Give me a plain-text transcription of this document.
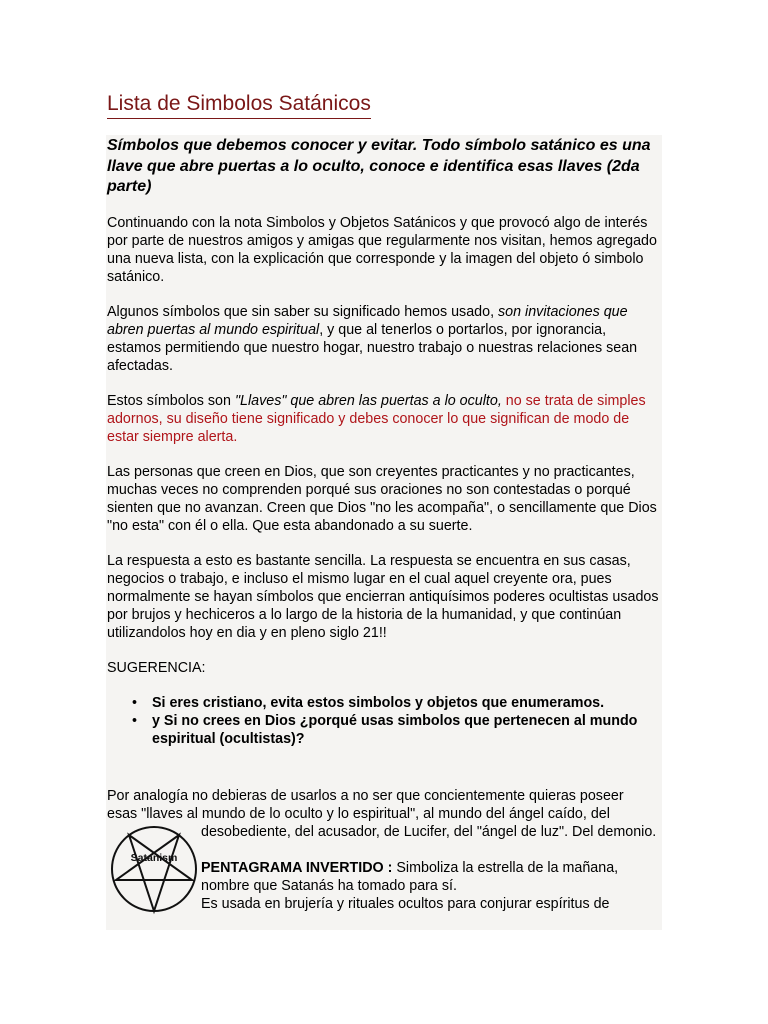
Lista de Simbolos Satánicos

Símbolos que debemos conocer y evitar. Todo símbolo satánico es una llave que abre puertas a lo oculto, conoce e identifica esas llaves (2da parte)

Continuando con la nota Simbolos y Objetos Satánicos y que provocó algo de interés por parte de nuestros amigos y amigas que regularmente nos visitan, hemos agregado una nueva lista, con la explicación que corresponde y la imagen del objeto ó simbolo satánico.

Algunos símbolos que sin saber su significado hemos usado, son invitaciones que abren puertas al mundo espiritual, y que al tenerlos o portarlos, por ignorancia, estamos permitiendo que nuestro hogar, nuestro trabajo o nuestras relaciones sean afectadas.

Estos símbolos son "Llaves" que abren las puertas a lo oculto, no se trata de simples adornos, su diseño tiene significado y debes conocer lo que significan de modo de estar siempre alerta.

Las personas que creen en Dios, que son creyentes practicantes y no practicantes, muchas veces no comprenden porqué sus oraciones no son contestadas o porqué sienten que no avanzan. Creen que Dios "no les acompaña", o sencillamente que Dios "no esta" con él o ella. Que esta abandonado a su suerte.

La respuesta a esto es bastante sencilla. La respuesta se encuentra en sus casas, negocios o trabajo, e incluso el mismo lugar en el cual aquel creyente ora, pues normalmente se hayan símbolos que encierran antiquísimos poderes ocultistas usados por brujos y hechiceros a lo largo de la historia de la humanidad, y que continúan utilizandolos hoy en dia y en pleno siglo 21!!

SUGERENCIA:

• Si eres cristiano, evita estos simbolos y objetos que enumeramos.
• y Si no crees en Dios ¿porqué usas simbolos que pertenecen al mundo espiritual (ocultistas)?

Satanism

Por analogía no debieras de usarlos a no ser que concientemente quieras poseer
esas "llaves al mundo de lo oculto y lo espiritual", al mundo del ángel caído, del
desobediente, del acusador, de Lucifer, del "ángel de luz". Del demonio.
PENTAGRAMA INVERTIDO : Simboliza la estrella de la mañana, nombre que Satanás ha tomado para sí.
Es usada en brujería y rituales ocultos para conjurar espíritus de
